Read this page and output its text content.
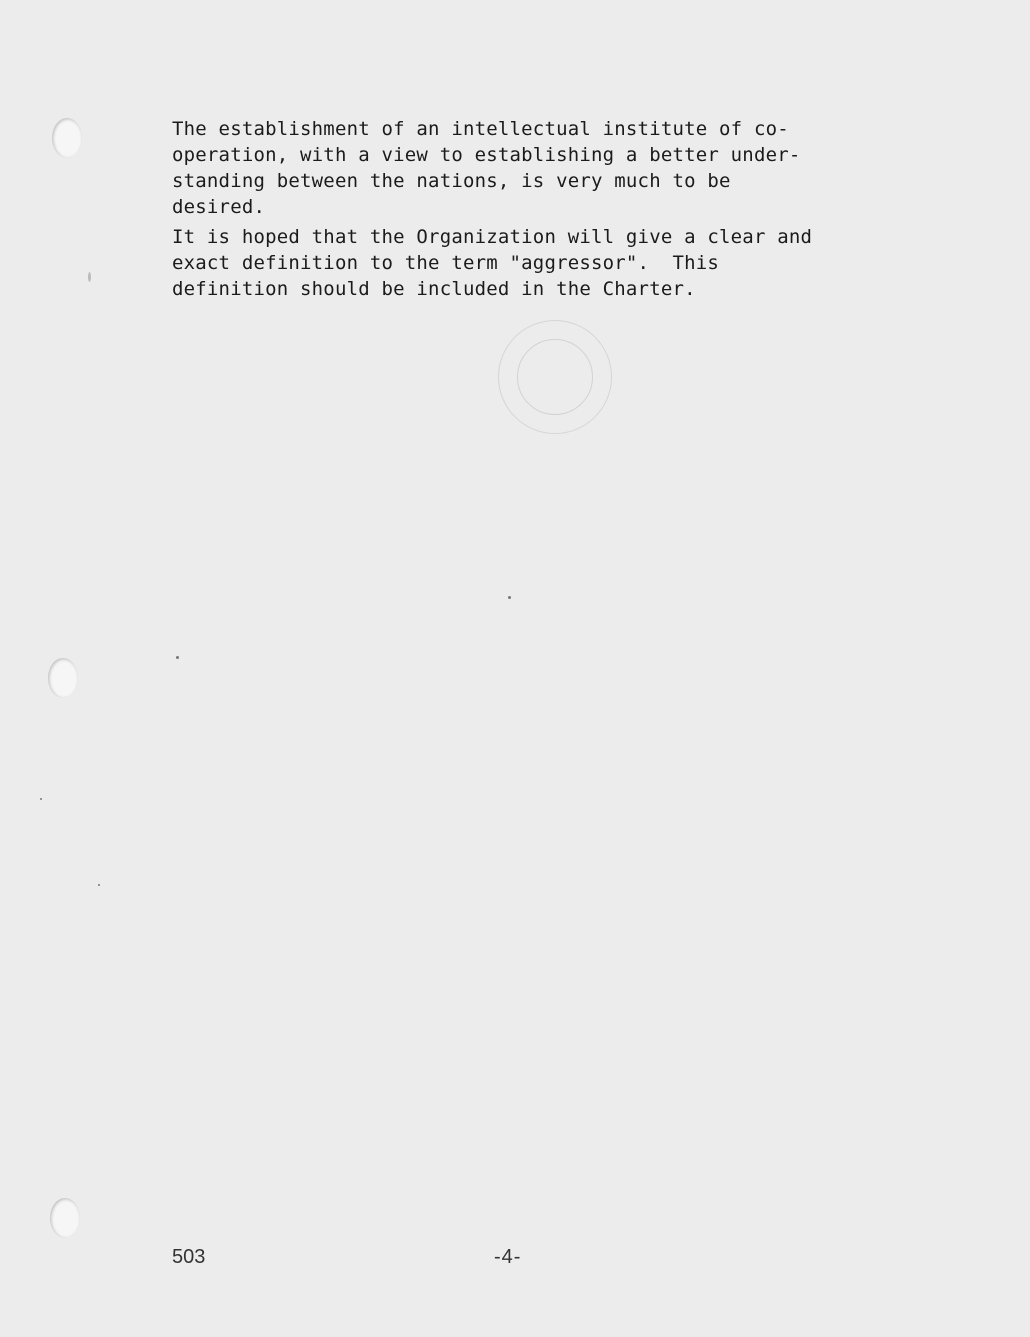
The establishment of an intellectual institute of co-
operation, with a view to establishing a better under-
standing between the nations, is very much to be
desired.
It is hoped that the Organization will give a clear and
exact definition to the term "aggressor".  This
definition should be included in the Charter.
503	-4-
